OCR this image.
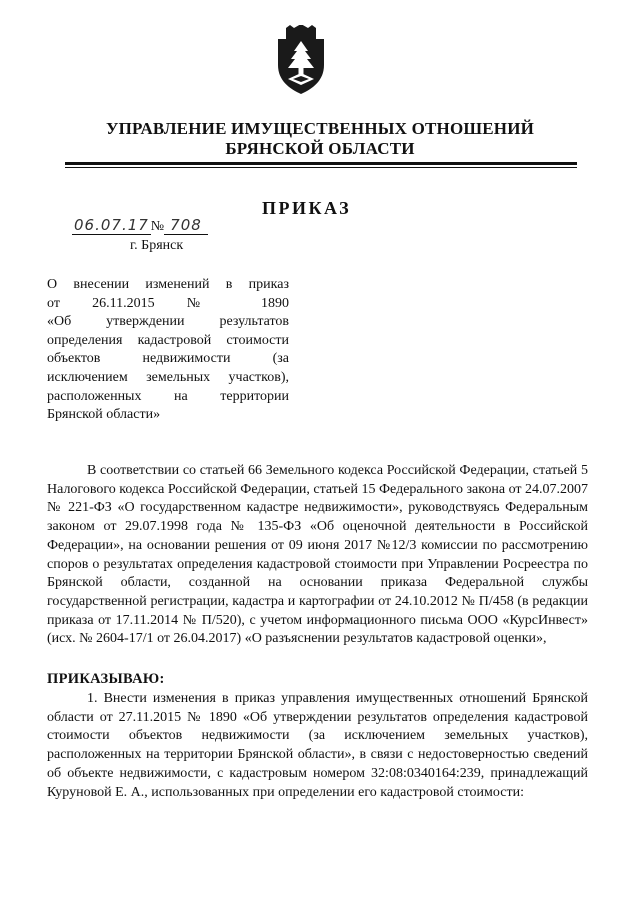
УПРАВЛЕНИЕ ИМУЩЕСТВЕННЫХ ОТНОШЕНИЙ
БРЯНСКОЙ ОБЛАСТИ
ПРИКАЗ
06.07.17 № 708
г. Брянск
О внесении изменений в приказ
от 26.11.2015 № 1890
«Об утверждении результатов
определения кадастровой стоимости
объектов недвижимости (за
исключением земельных участков),
расположенных на территории
Брянской области»
В соответствии со статьей 66 Земельного кодекса Российской Федерации, статьей 5 Налогового кодекса Российской Федерации, статьей 15 Федерального закона от 24.07.2007 № 221-ФЗ «О государственном кадастре недвижимости», руководствуясь Федеральным законом от 29.07.1998 года № 135-ФЗ «Об оценочной деятельности в Российской Федерации», на основании решения от 09 июня 2017 №12/3 комиссии по рассмотрению споров о результатах определения кадастровой стоимости при Управлении Росреестра по Брянской области, созданной на основании приказа Федеральной службы государственной регистрации, кадастра и картографии от 24.10.2012 № П/458 (в редакции приказа от 17.11.2014 № П/520), с учетом информационного письма ООО «КурсИнвест» (исх. № 2604-17/1 от 26.04.2017) «О разъяснении результатов кадастровой оценки»,
ПРИКАЗЫВАЮ:
1. Внести изменения в приказ управления имущественных отношений Брянской области от 27.11.2015 № 1890 «Об утверждении результатов определения кадастровой стоимости объектов недвижимости (за исключением земельных участков), расположенных на территории Брянской области», в связи с недостоверностью сведений об объекте недвижимости, с кадастровым номером 32:08:0340164:239, принадлежащий Куруновой Е. А., использованных при определении его кадастровой стоимости:
